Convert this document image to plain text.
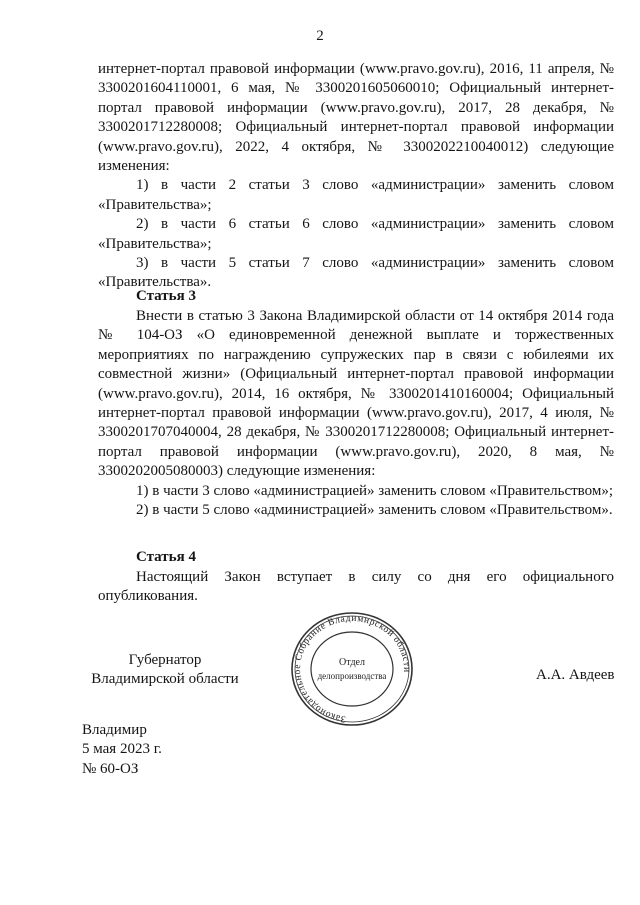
2

интернет-портал правовой информации (www.pravo.gov.ru), 2016, 11 апреля, № 3300201604110001, 6 мая, № 3300201605060010; Официальный интернет-портал правовой информации (www.pravo.gov.ru), 2017, 28 декабря, № 3300201712280008; Официальный интернет-портал правовой информации (www.pravo.gov.ru), 2022, 4 октября, № 3300202210040012) следующие изменения:

1) в части 2 статьи 3 слово «администрации» заменить словом «Правительства»;

2) в части 6 статьи 6 слово «администрации» заменить словом «Правительства»;

3) в части 5 статьи 7 слово «администрации» заменить словом «Правительства».

Статья 3

Внести в статью 3 Закона Владимирской области от 14 октября 2014 года № 104-ОЗ «О единовременной денежной выплате и торжественных мероприятиях по награждению супружеских пар в связи с юбилеями их совместной жизни» (Официальный интернет-портал правовой информации (www.pravo.gov.ru), 2014, 16 октября, № 3300201410160004; Официальный интернет-портал правовой информации (www.pravo.gov.ru), 2017, 4 июля, № 3300201707040004, 28 декабря, № 3300201712280008; Официальный интернет-портал правовой информации (www.pravo.gov.ru), 2020, 8 мая, № 3300202005080003) следующие изменения:

1) в части 3 слово «администрацией» заменить словом «Правительством»;

2) в части 5 слово «администрацией» заменить словом «Правительством».

Статья 4

Настоящий Закон вступает в силу со дня его официального опубликования.

Губернатор
Владимирской области
Законодательное Собрание Владимирской области
Отдел
делопроизводства	А.А. Авдеев
Владимир
5 мая 2023 г.
№ 60-ОЗ
